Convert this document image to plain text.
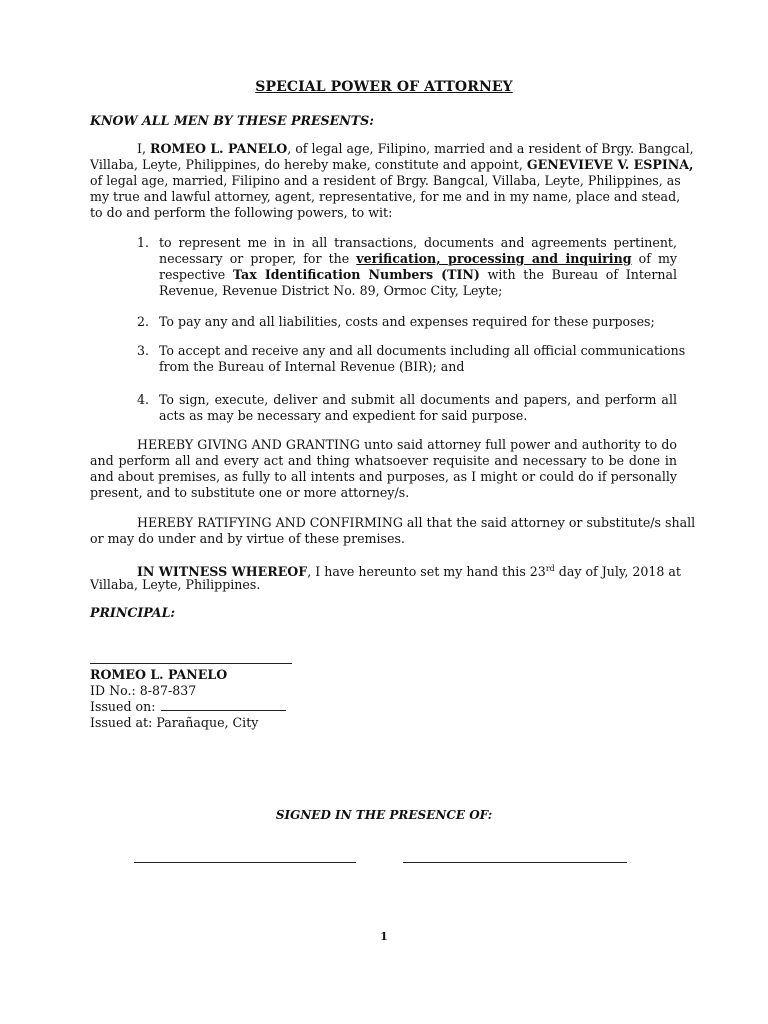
SPECIAL POWER OF ATTORNEY
KNOW ALL MEN BY THESE PRESENTS:
I, ROMEO L. PANELO, of legal age, Filipino, married and a resident of Brgy. Bangcal,
Villaba, Leyte, Philippines, do hereby make, constitute and appoint, GENEVIEVE V. ESPINA,
of legal age, married, Filipino and a resident of Brgy. Bangcal, Villaba, Leyte, Philippines, as
my true and lawful attorney, agent, representative, for me and in my name, place and stead,
to do and perform the following powers, to wit:
1. to represent me in in all transactions, documents and agreements pertinent,
necessary or proper, for the verification, processing and inquiring of my
respective Tax Identification Numbers (TIN) with the Bureau of Internal
Revenue, Revenue District No. 89, Ormoc City, Leyte;
2. To pay any and all liabilities, costs and expenses required for these purposes;
3. To accept and receive any and all documents including all official communications
from the Bureau of Internal Revenue (BIR); and
4. To sign, execute, deliver and submit all documents and papers, and perform all
acts as may be necessary and expedient for said purpose.
HEREBY GIVING AND GRANTING unto said attorney full power and authority to do
and perform all and every act and thing whatsoever requisite and necessary to be done in
and about premises, as fully to all intents and purposes, as I might or could do if personally
present, and to substitute one or more attorney/s.
HEREBY RATIFYING AND CONFIRMING all that the said attorney or substitute/s shall
or may do under and by virtue of these premises.
IN WITNESS WHEREOF, I have hereunto set my hand this 23rd day of July, 2018 at
Villaba, Leyte, Philippines.
PRINCIPAL:
ROMEO L. PANELO
ID No.: 8-87-837
Issued on:
Issued at: Parañaque, City
SIGNED IN THE PRESENCE OF:
1
